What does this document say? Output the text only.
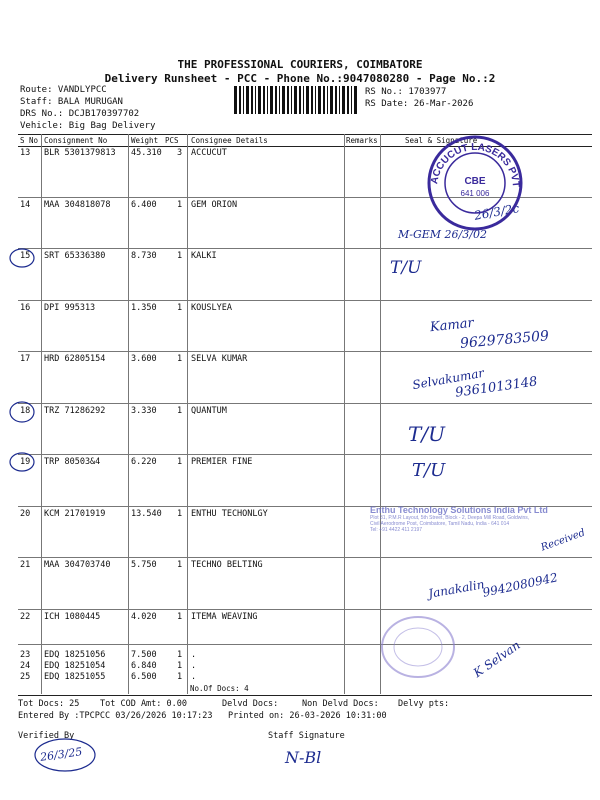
THE PROFESSIONAL COURIERS, COIMBATORE
Delivery Runsheet - PCC - Phone No.:9047080280 - Page No.:2
Route: VANDLYPCC
Staff: BALA MURUGAN
DRS No.: DCJB170397702
Vehicle: Big Bag Delivery
RS No.: 1703977
RS Date: 26-Mar-2026
S No Consignment No	Weight PCS Consignee Details	Remarks	Seal & Signature
13 BLR 5301379813 45.310 3 ACCUCUT
14 MAA 304818078 6.400 1 GEM ORION
15 SRT 65336380	8.730 1 KALKI
16 DPI 995313	1.350 1 KOUSLYEA
17 HRD 62805154	3.600 1 SELVA KUMAR
18 TRZ 71286292	3.330 1 QUANTUM
19 TRP 80503&4	6.220 1 PREMIER FINE
20 KCM 21701919	13.540 1 ENTHU TECHONLGY
21 MAA 304703740 5.750 1 TECHNO BELTING
22 ICH 1080445	4.020 1 ITEMA WEAVING
23 EDQ 18251056	7.500 1 .
24 EDQ 18251054	6.840 1 .
25 EDQ 18251055	6.500 1 .
No.Of Docs: 4
Tot Docs: 25 Tot COD Amt: 0.00	Delvd Docs:	Non Delvd Docs: Delvy pts:
Entered By :TPCPCC 03/26/2026 10:17:23 Printed on: 26-03-2026 10:31:00
Verified By	Staff Signature
26/3/2c
M-GEM 26/3/02
T/U
Kamar
9629783509
Selvakumar
9361013148
T/U
T/U
Janakalin
9942080942
K Selvan
26/3/25	N-Bl
ACCUCUT LASERS PVT
CBE
641 006
Enthu Technology Solutions India Pvt Ltd
Plot 31, P.M.R Layout, 5th Street, Block - 2, Deepa Mill Road, Goldwins,
Civil Aerodrome Post, Coimbatore, Tamil Nadu, India - 641 014
Tel: +91 4422 411 2197	Received
